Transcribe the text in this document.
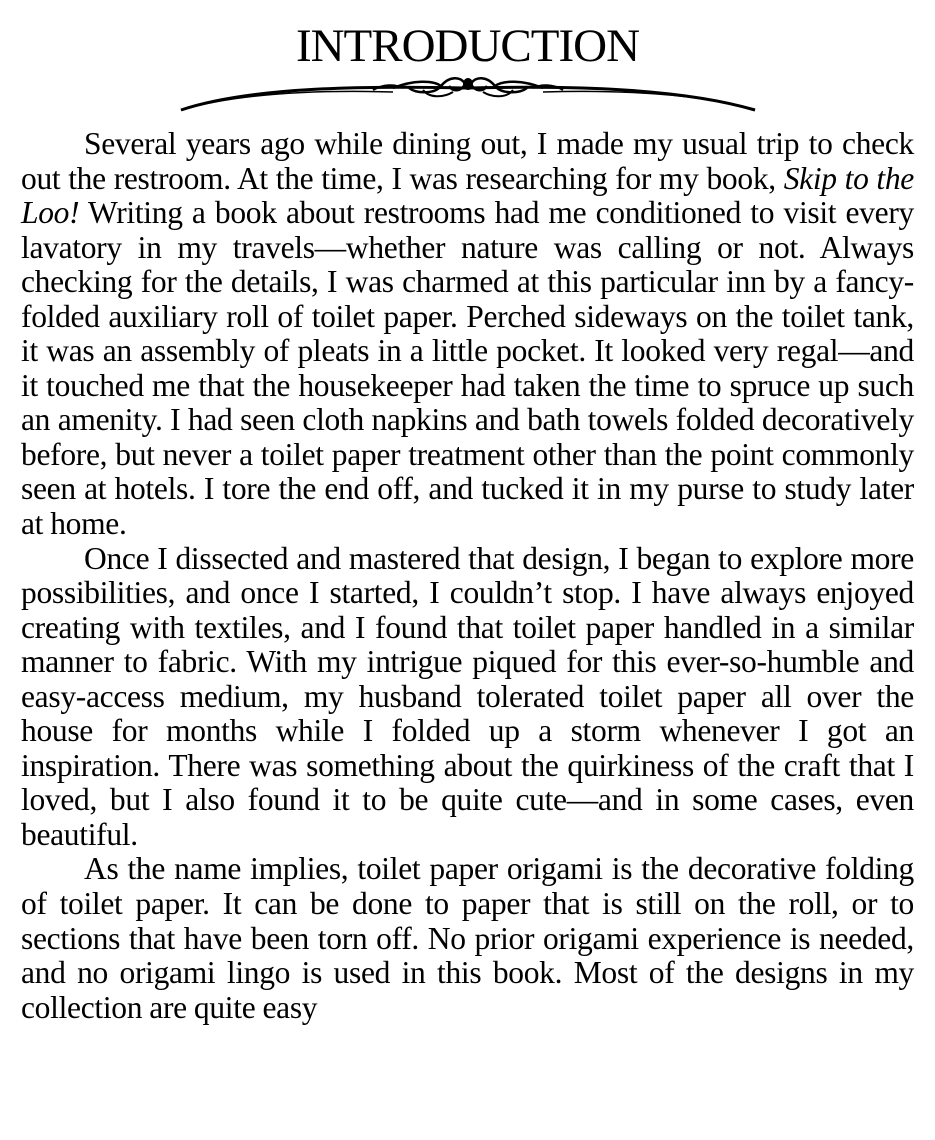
INTRODUCTION

Several years ago while dining out, I made my usual trip to check out the restroom. At the time, I was researching for my book, Skip to the Loo! Writing a book about restrooms had me conditioned to visit every lavatory in my travels—whether nature was calling or not. Always checking for the details, I was charmed at this particular inn by a fancy-folded auxiliary roll of toilet paper. Perched sideways on the toilet tank, it was an assembly of pleats in a little pocket. It looked very regal—and it touched me that the housekeeper had taken the time to spruce up such an amenity. I had seen cloth napkins and bath towels folded decoratively before, but never a toilet paper treatment other than the point commonly seen at hotels. I tore the end off, and tucked it in my purse to study later at home.

Once I dissected and mastered that design, I began to explore more possibilities, and once I started, I couldn’t stop. I have always enjoyed creating with textiles, and I found that toilet paper handled in a similar manner to fabric. With my intrigue piqued for this ever-so-humble and easy-access medium, my husband tolerated toilet paper all over the house for months while I folded up a storm whenever I got an inspiration. There was something about the quirkiness of the craft that I loved, but I also found it to be quite cute—and in some cases, even beautiful.

As the name implies, toilet paper origami is the decorative folding of toilet paper. It can be done to paper that is still on the roll, or to sections that have been torn off. No prior origami experience is needed, and no origami lingo is used in this book. Most of the designs in my collection are quite easy
